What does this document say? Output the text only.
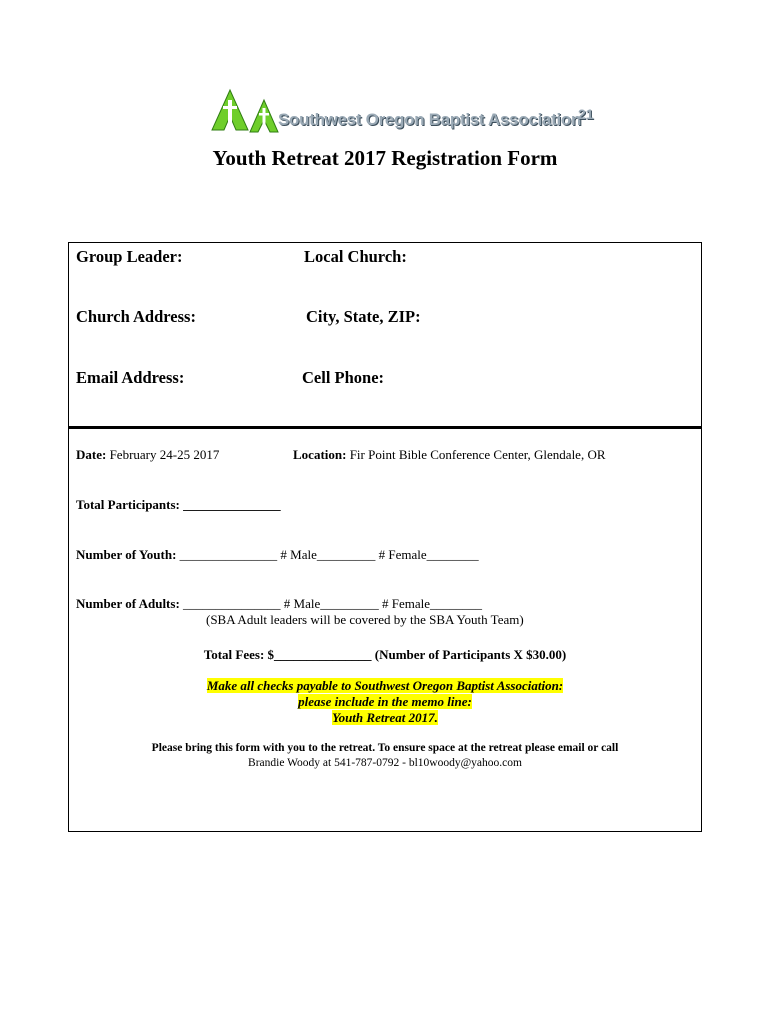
Southwest Oregon Baptist Association
21
Youth Retreat 2017 Registration Form
Group Leader:	Local Church:
Church Address:	City, State, ZIP:
Email Address:	Cell Phone:
Date: February 24-25 2017	Location: Fir Point Bible Conference Center, Glendale, OR
Total Participants: _______________
Number of Youth: _______________ # Male_________ # Female________
Number of Adults: _______________ # Male_________ # Female________
(SBA Adult leaders will be covered by the SBA Youth Team)
Total Fees: $_______________ (Number of Participants X $30.00)
Make all checks payable to Southwest Oregon Baptist Association:
please include in the memo line:
Youth Retreat 2017.
Please bring this form with you to the retreat. To ensure space at the retreat please email or call
Brandie Woody at 541-787-0792 - bl10woody@yahoo.com
